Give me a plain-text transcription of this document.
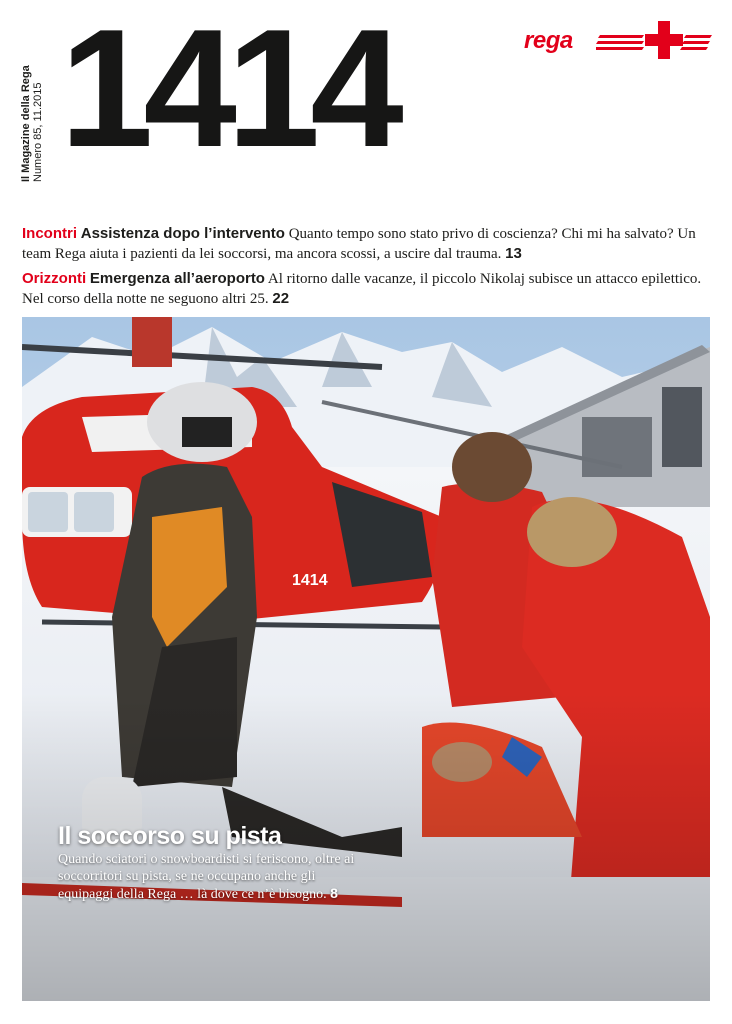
Il Magazine della Rega Numero 85, 11.2015 1414	rega

Incontri Assistenza dopo l’intervento Quanto tempo sono stato privo di coscienza? Chi mi ha salvato? Un team Rega aiuta i pazienti da lei soccorsi, ma ancora scossi, a uscire dal trauma. 13

Orizzonti Emergenza all’aeroporto Al ritorno dalle vacanze, il piccolo Nikolaj subisce un attacco epilettico. Nel corso della notte ne seguono altri 25. 22

Il soccorso su pista

Quando sciatori o snowboardisti si feriscono, oltre ai soccorritori su pista, se ne occupano anche gli equipaggi della Rega … là dove ce n’è bisogno. 8
